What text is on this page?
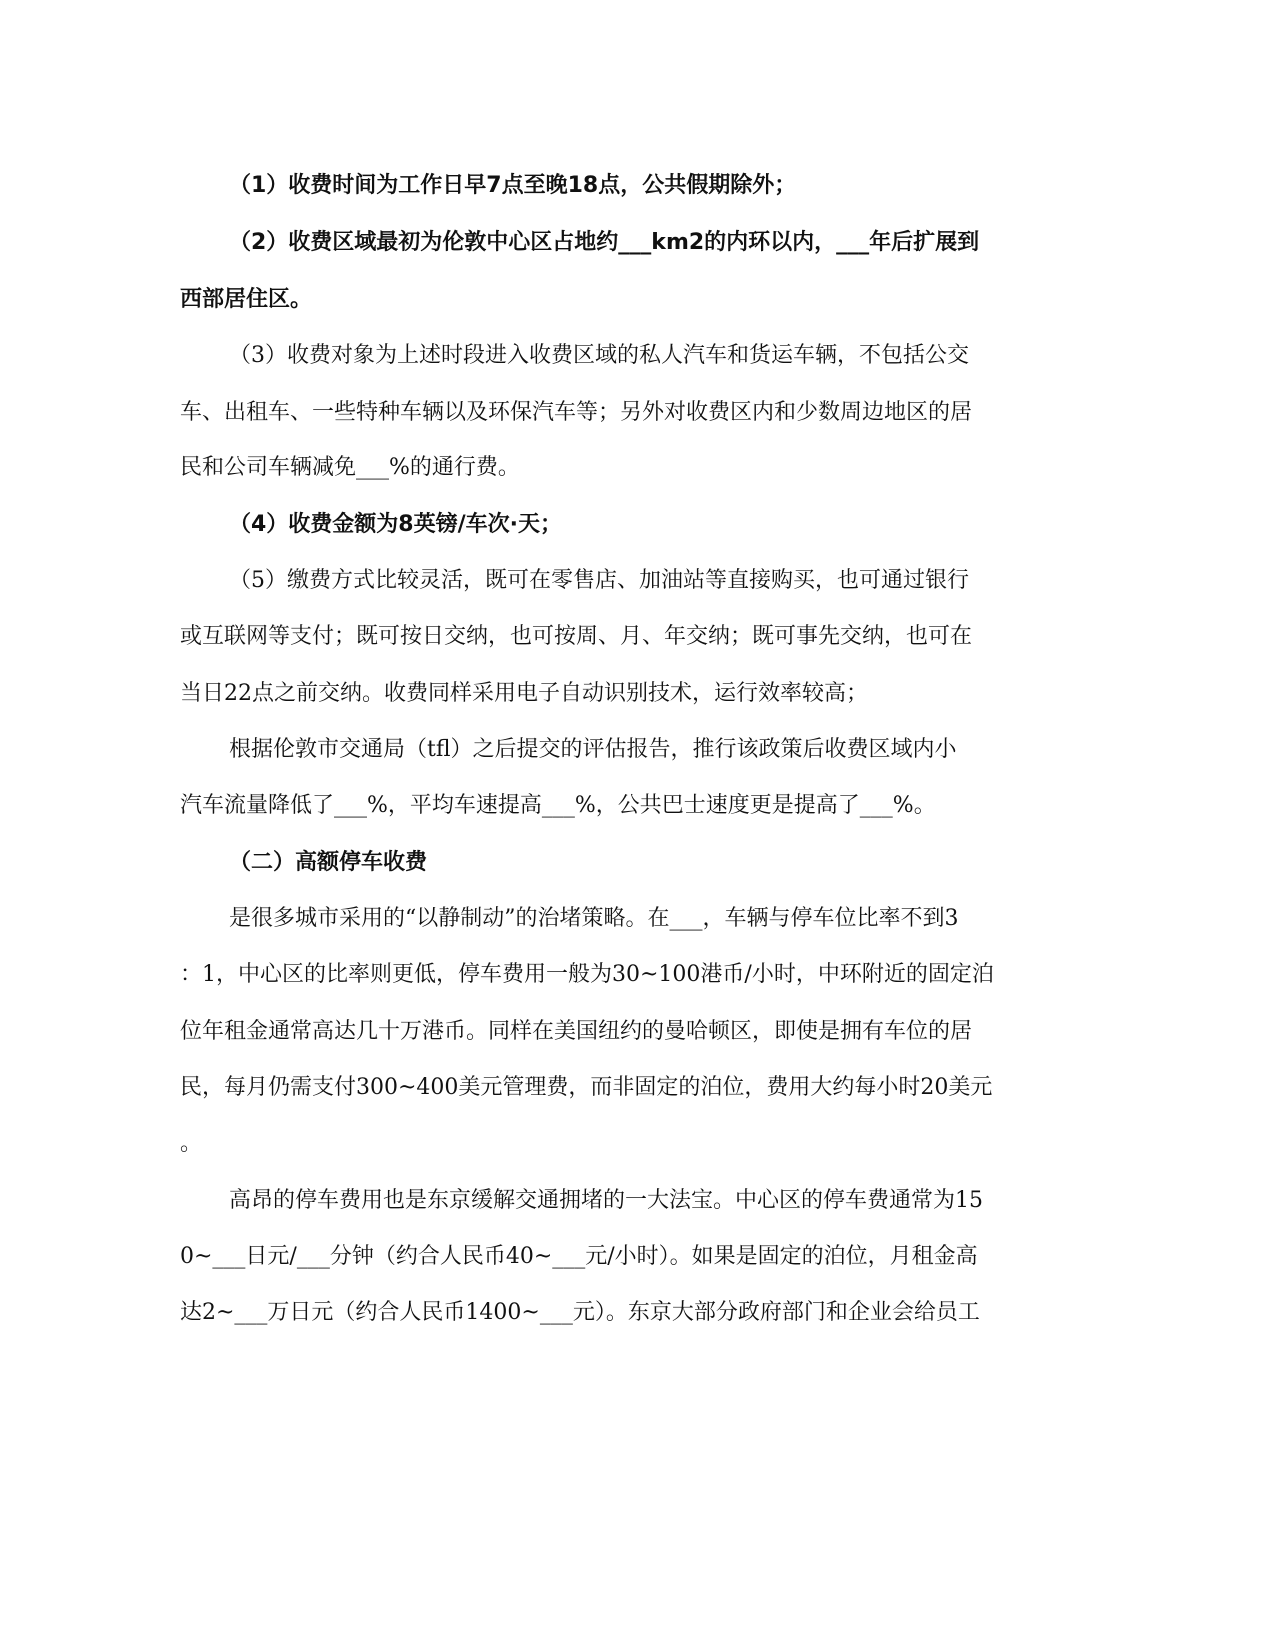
（1）收费时间为工作日早7点至晚18点，公共假期除外；
（2）收费区域最初为伦敦中心区占地约___km2的内环以内，___年后扩展到
西部居住区。
（3）收费对象为上述时段进入收费区域的私人汽车和货运车辆，不包括公交
车、出租车、一些特种车辆以及环保汽车等；另外对收费区内和少数周边地区的居
民和公司车辆减免___%的通行费。
（4）收费金额为8英镑/车次·天；
（5）缴费方式比较灵活，既可在零售店、加油站等直接购买，也可通过银行
或互联网等支付；既可按日交纳，也可按周、月、年交纳；既可事先交纳，也可在
当日22点之前交纳。收费同样采用电子自动识别技术，运行效率较高；
根据伦敦市交通局（tfl）之后提交的评估报告，推行该政策后收费区域内小
汽车流量降低了___%，平均车速提高___%，公共巴士速度更是提高了___%。
（二）高额停车收费
是很多城市采用的“以静制动”的治堵策略。在___，车辆与停车位比率不到3
：1，中心区的比率则更低，停车费用一般为30~100港币/小时，中环附近的固定泊
位年租金通常高达几十万港币。同样在美国纽约的曼哈顿区，即使是拥有车位的居
民，每月仍需支付300~400美元管理费，而非固定的泊位，费用大约每小时20美元
。
高昂的停车费用也是东京缓解交通拥堵的一大法宝。中心区的停车费通常为15
0~___日元/___分钟（约合人民币40~___元/小时）。如果是固定的泊位，月租金高
达2~___万日元（约合人民币1400~___元）。东京大部分政府部门和企业会给员工
